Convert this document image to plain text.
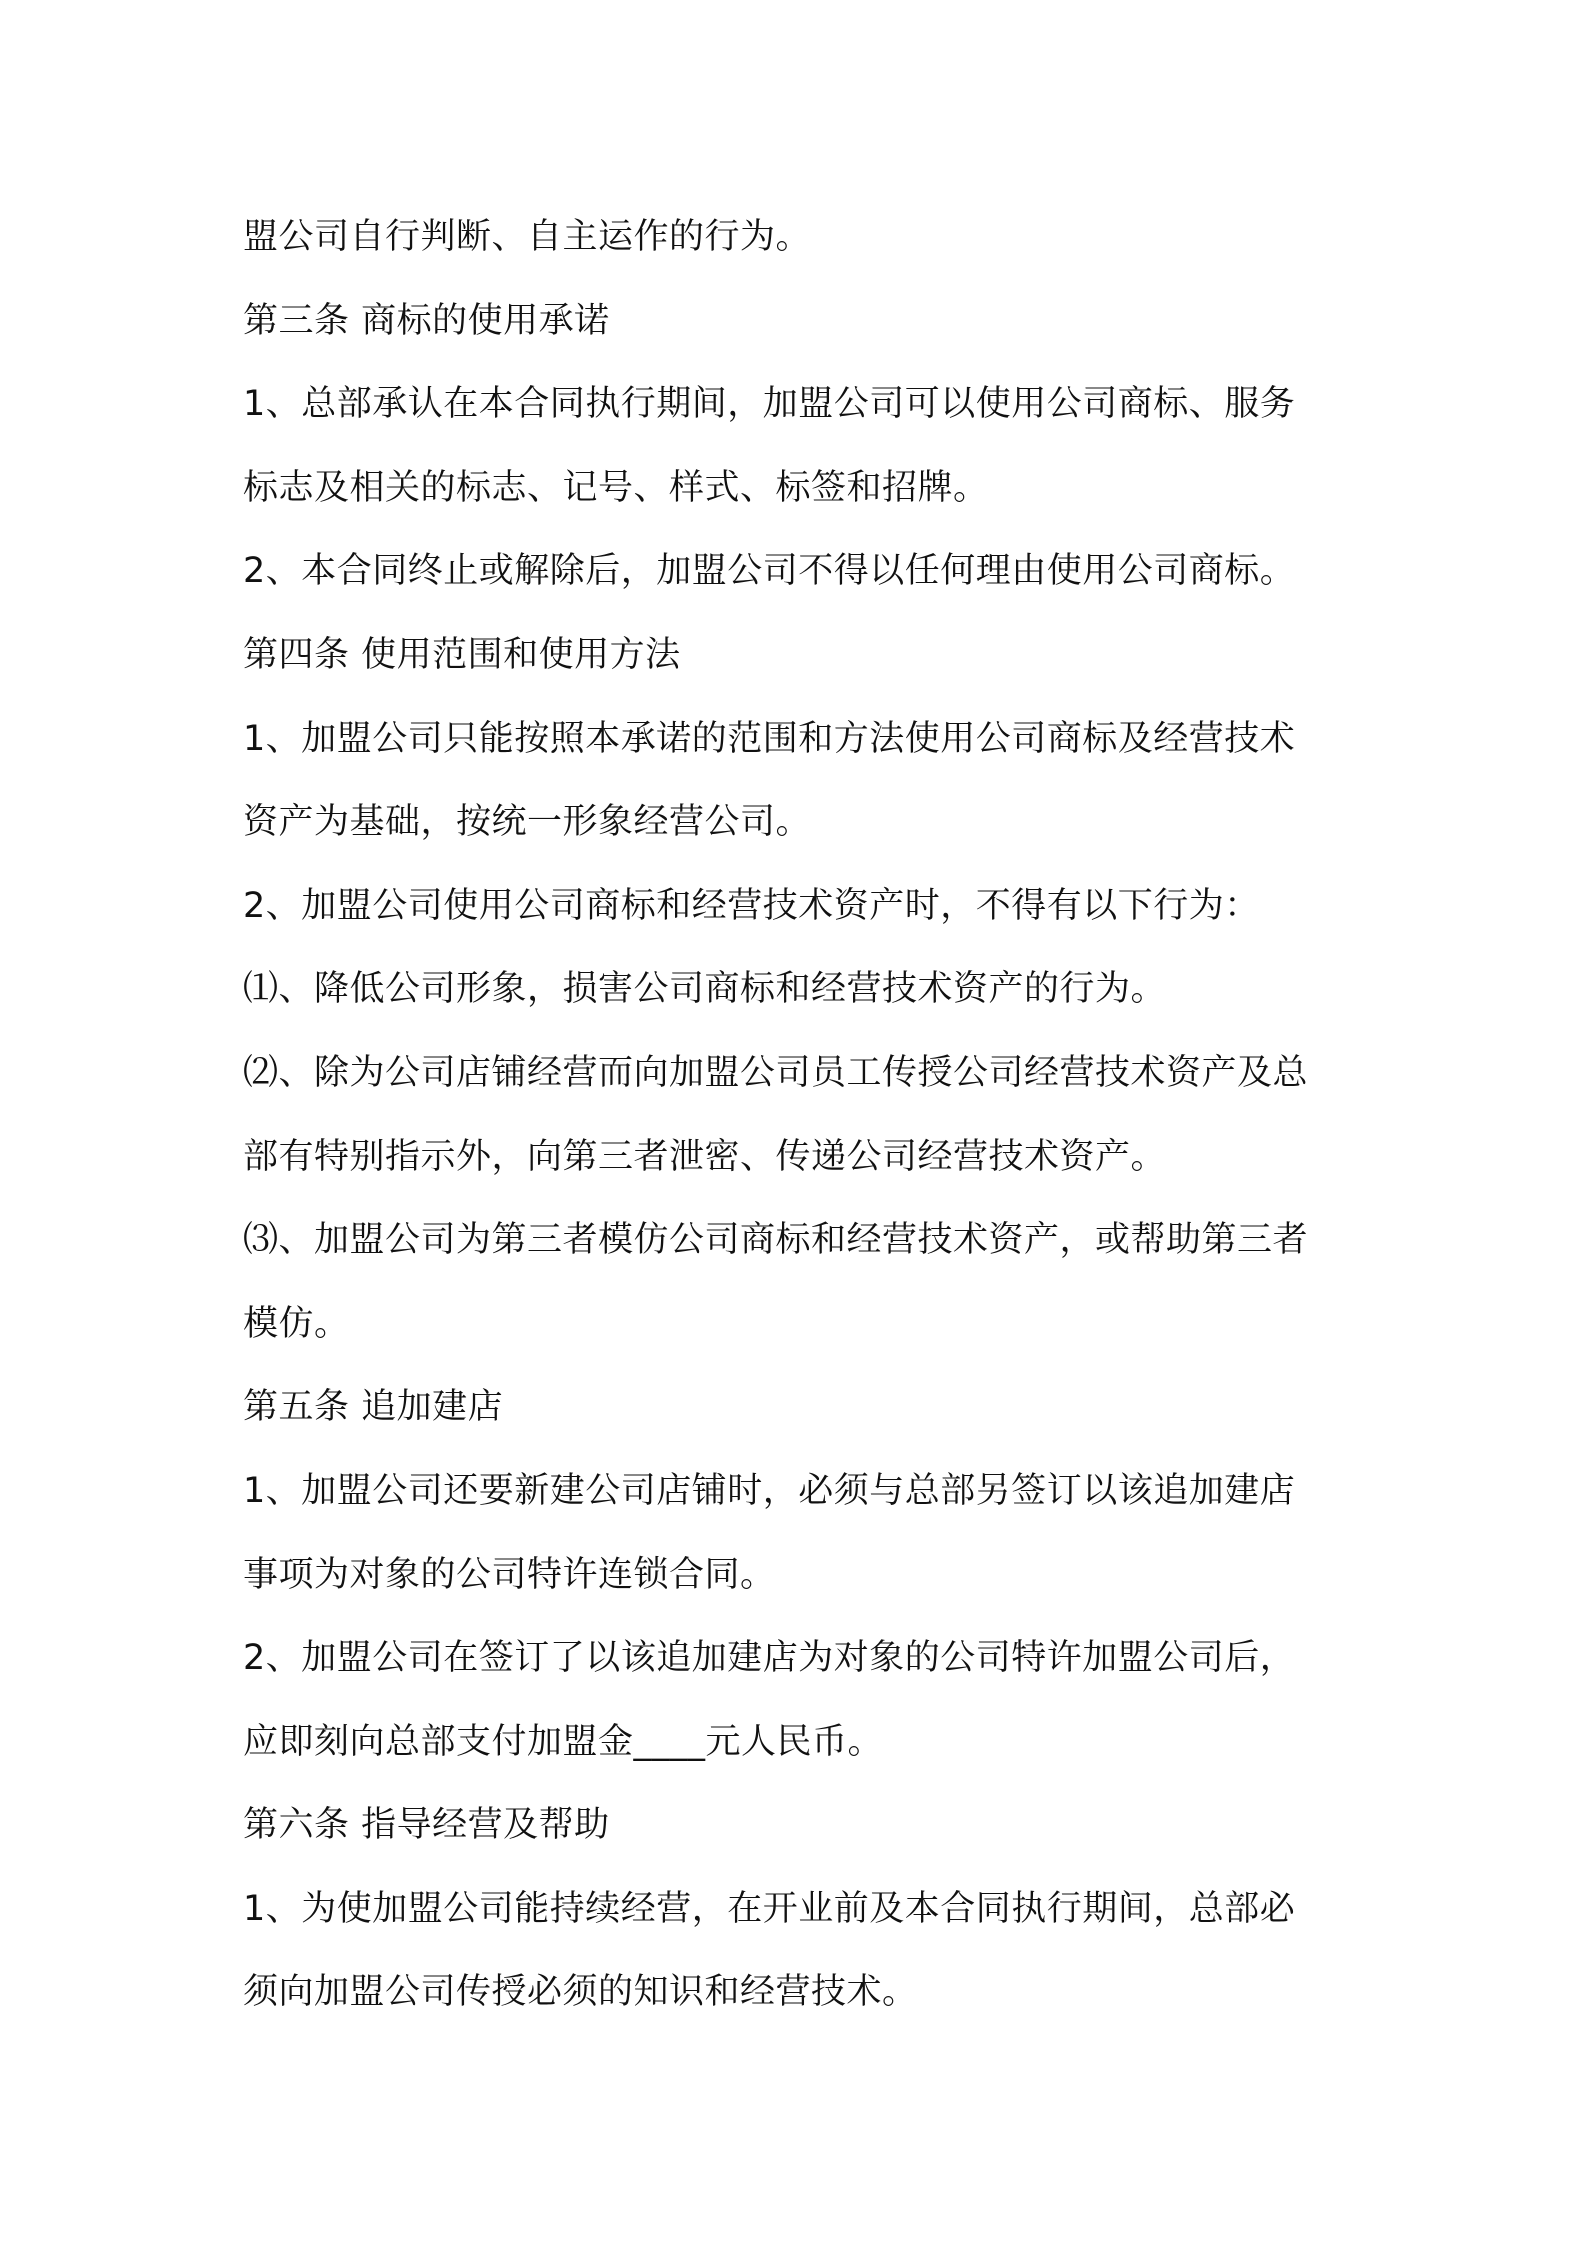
盟公司自行判断、自主运作的行为。
第三条 商标的使用承诺
1、总部承认在本合同执行期间，加盟公司可以使用公司商标、服务
标志及相关的标志、记号、样式、标签和招牌。
2、本合同终止或解除后，加盟公司不得以任何理由使用公司商标。
第四条 使用范围和使用方法
1、加盟公司只能按照本承诺的范围和方法使用公司商标及经营技术
资产为基础，按统一形象经营公司。
2、加盟公司使用公司商标和经营技术资产时，不得有以下行为：
⑴、降低公司形象，损害公司商标和经营技术资产的行为。
⑵、除为公司店铺经营而向加盟公司员工传授公司经营技术资产及总
部有特别指示外，向第三者泄密、传递公司经营技术资产。
⑶、加盟公司为第三者模仿公司商标和经营技术资产，或帮助第三者
模仿。
第五条 追加建店
1、加盟公司还要新建公司店铺时，必须与总部另签订以该追加建店
事项为对象的公司特许连锁合同。
2、加盟公司在签订了以该追加建店为对象的公司特许加盟公司后，
应即刻向总部支付加盟金____元人民币。
第六条 指导经营及帮助
1、为使加盟公司能持续经营，在开业前及本合同执行期间，总部必
须向加盟公司传授必须的知识和经营技术。
